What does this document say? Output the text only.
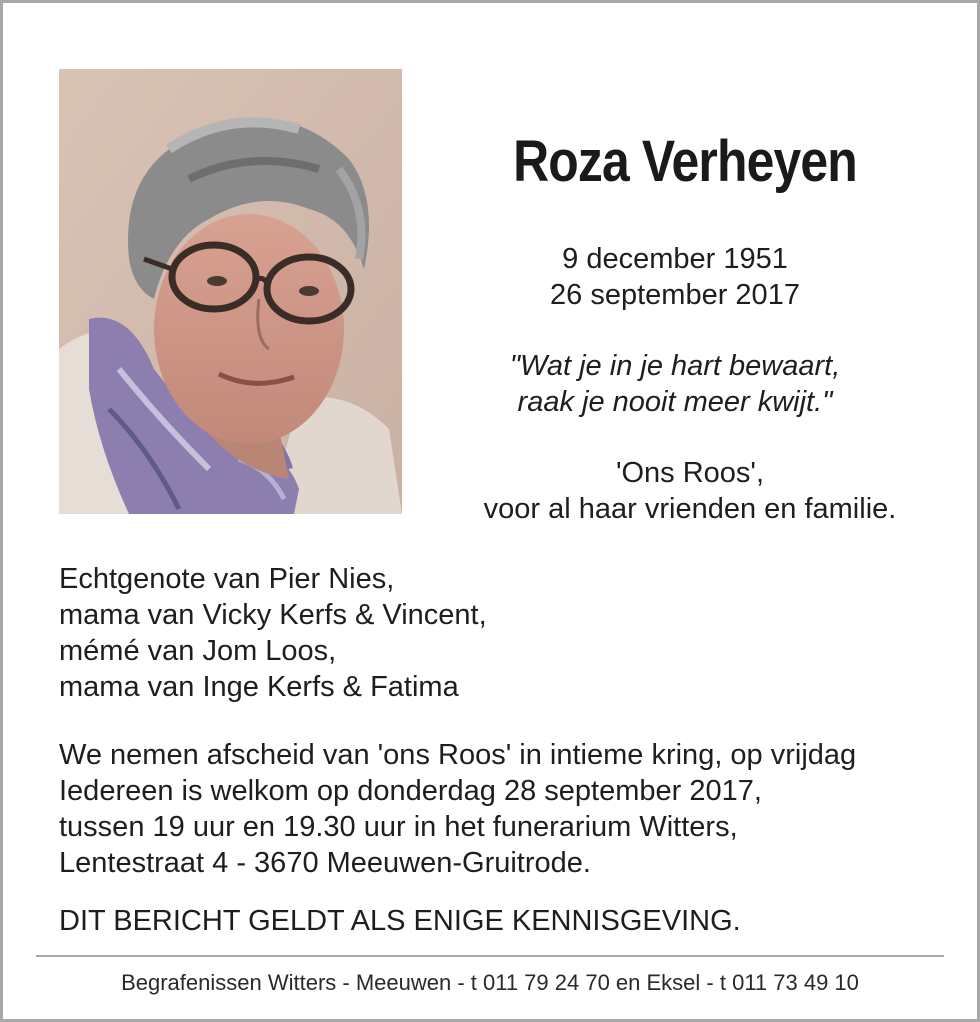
Roza Verheyen
9 december 1951
26 september 2017
"Wat je in je hart bewaart,
raak je nooit meer kwijt."
'Ons Roos',
voor al haar vrienden en familie.
Echtgenote van Pier Nies,
mama van Vicky Kerfs & Vincent,
mémé van Jom Loos,
mama van Inge Kerfs & Fatima
We nemen afscheid van 'ons Roos' in intieme kring, op vrijdag
Iedereen is welkom op donderdag 28 september 2017,
tussen 19 uur en 19.30 uur in het funerarium Witters,
Lentestraat 4 - 3670 Meeuwen-Gruitrode.
DIT BERICHT GELDT ALS ENIGE KENNISGEVING.
Begrafenissen Witters - Meeuwen - t 011 79 24 70 en Eksel - t 011 73 49 10
